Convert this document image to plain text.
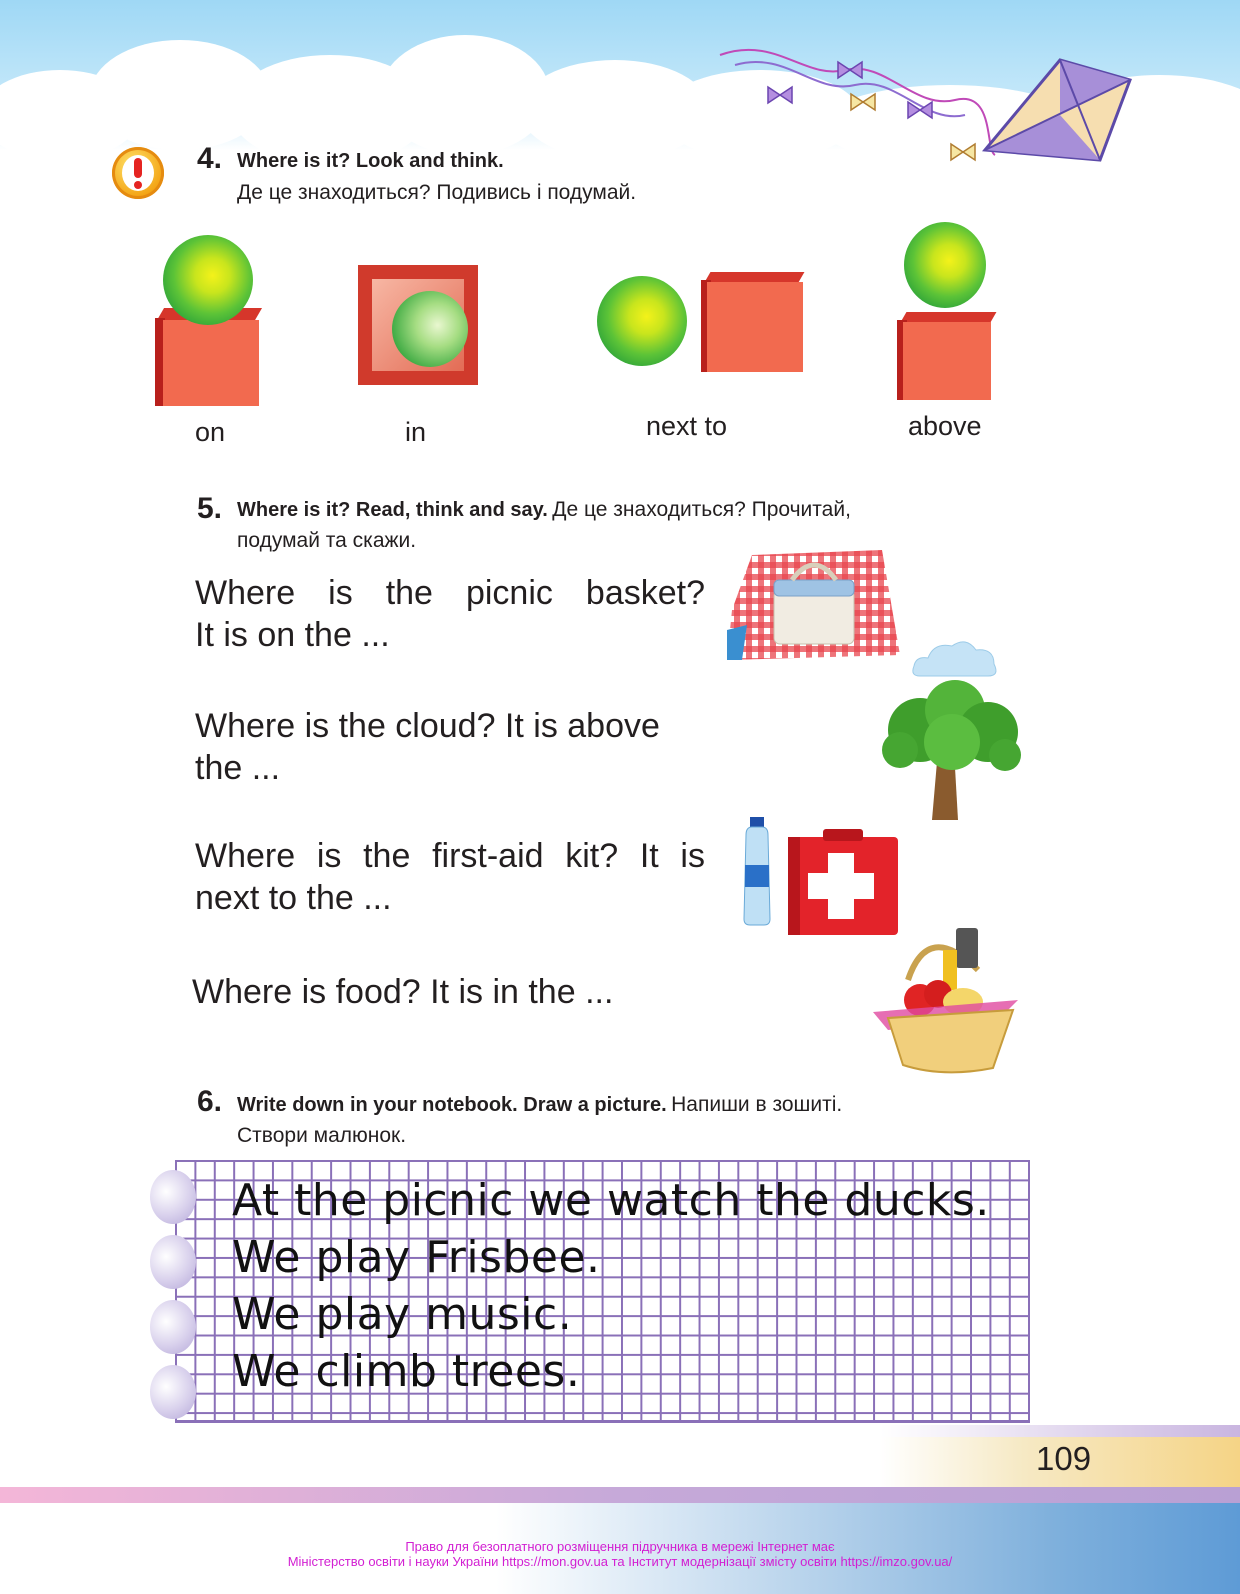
4. Where is it? Look and think.
Де це знаходиться? Подивись і подумай.
on	in	next to	above
5. Where is it? Read, think and say. Де це знаходиться? Прочитай,
подумай та скажи.
Where is the picnic basket?
It is on the ...
Where is the cloud? It is above
the ...
Where is the first-aid kit? It is
next to the ...
Where is food? It is in the ...
6. Write down in your notebook. Draw a picture. Напиши в зошиті.
Створи малюнок.
At the picnic we watch the ducks.
We play Frisbee.
We play music.
We climb trees.
109
Право для безоплатного розміщення підручника в мережі Інтернет має
Міністерство освіти і науки України https://mon.gov.ua та Інститут модернізації змісту освіти https://imzo.gov.ua/
